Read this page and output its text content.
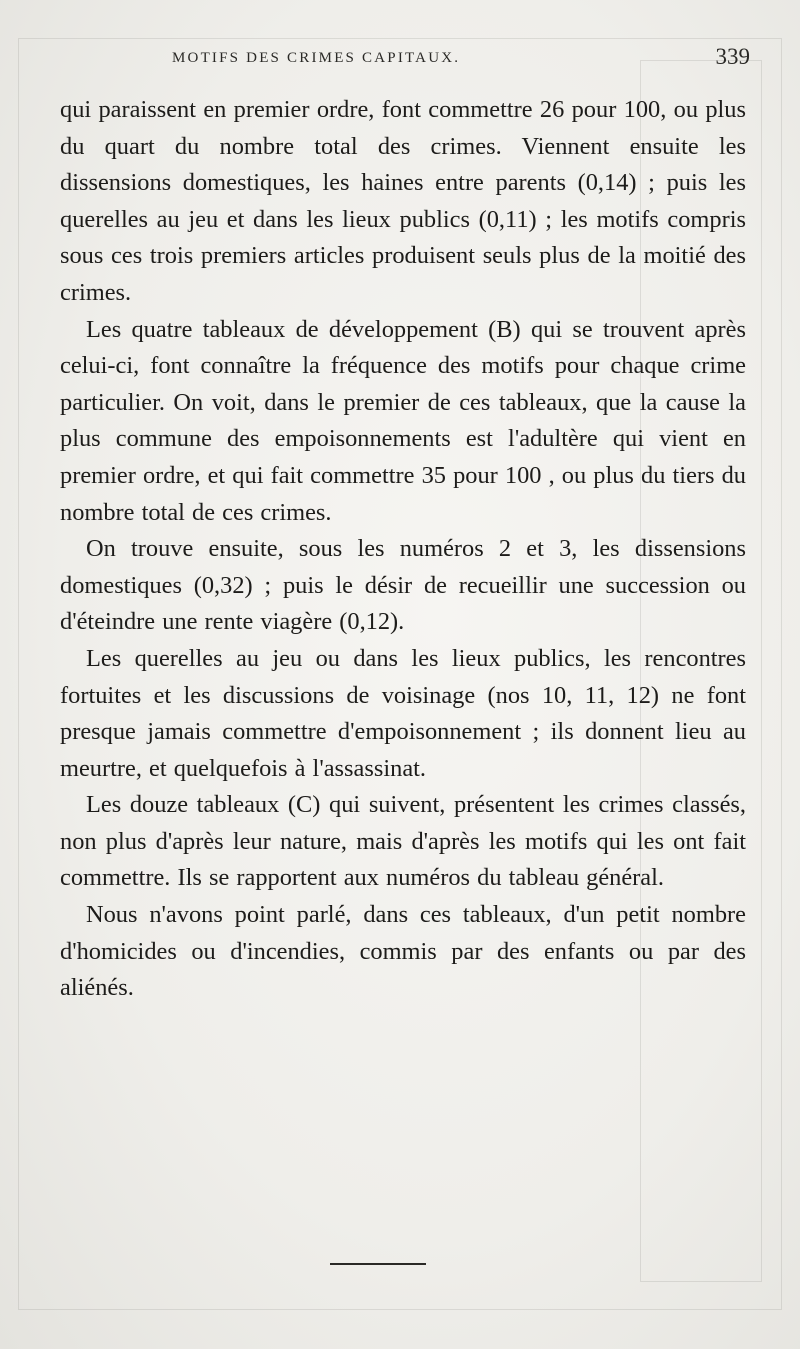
MOTIFS DES CRIMES CAPITAUX.	339

qui paraissent en premier ordre, font commettre 26 pour 100, ou plus du quart du nombre total des crimes. Viennent ensuite les dissensions domestiques, les haines entre parents (0,14) ; puis les querelles au jeu et dans les lieux publics (0,11) ; les motifs compris sous ces trois premiers articles produisent seuls plus de la moitié des crimes.

Les quatre tableaux de développement (B) qui se trouvent après celui-ci, font connaître la fréquence des motifs pour chaque crime particulier. On voit, dans le premier de ces tableaux, que la cause la plus commune des empoisonnements est l'adultère qui vient en premier ordre, et qui fait commettre 35 pour 100 , ou plus du tiers du nombre total de ces crimes.

On trouve ensuite, sous les numéros 2 et 3, les dissensions domestiques (0,32) ; puis le désir de recueillir une succession ou d'éteindre une rente viagère (0,12).

Les querelles au jeu ou dans les lieux publics, les rencontres fortuites et les discussions de voisinage (nos 10, 11, 12) ne font presque jamais commettre d'empoisonnement ; ils donnent lieu au meurtre, et quelquefois à l'assassinat.

Les douze tableaux (C) qui suivent, présentent les crimes classés, non plus d'après leur nature, mais d'après les motifs qui les ont fait commettre. Ils se rapportent aux numéros du tableau général.

Nous n'avons point parlé, dans ces tableaux, d'un petit nombre d'homicides ou d'incendies, commis par des enfants ou par des aliénés.
